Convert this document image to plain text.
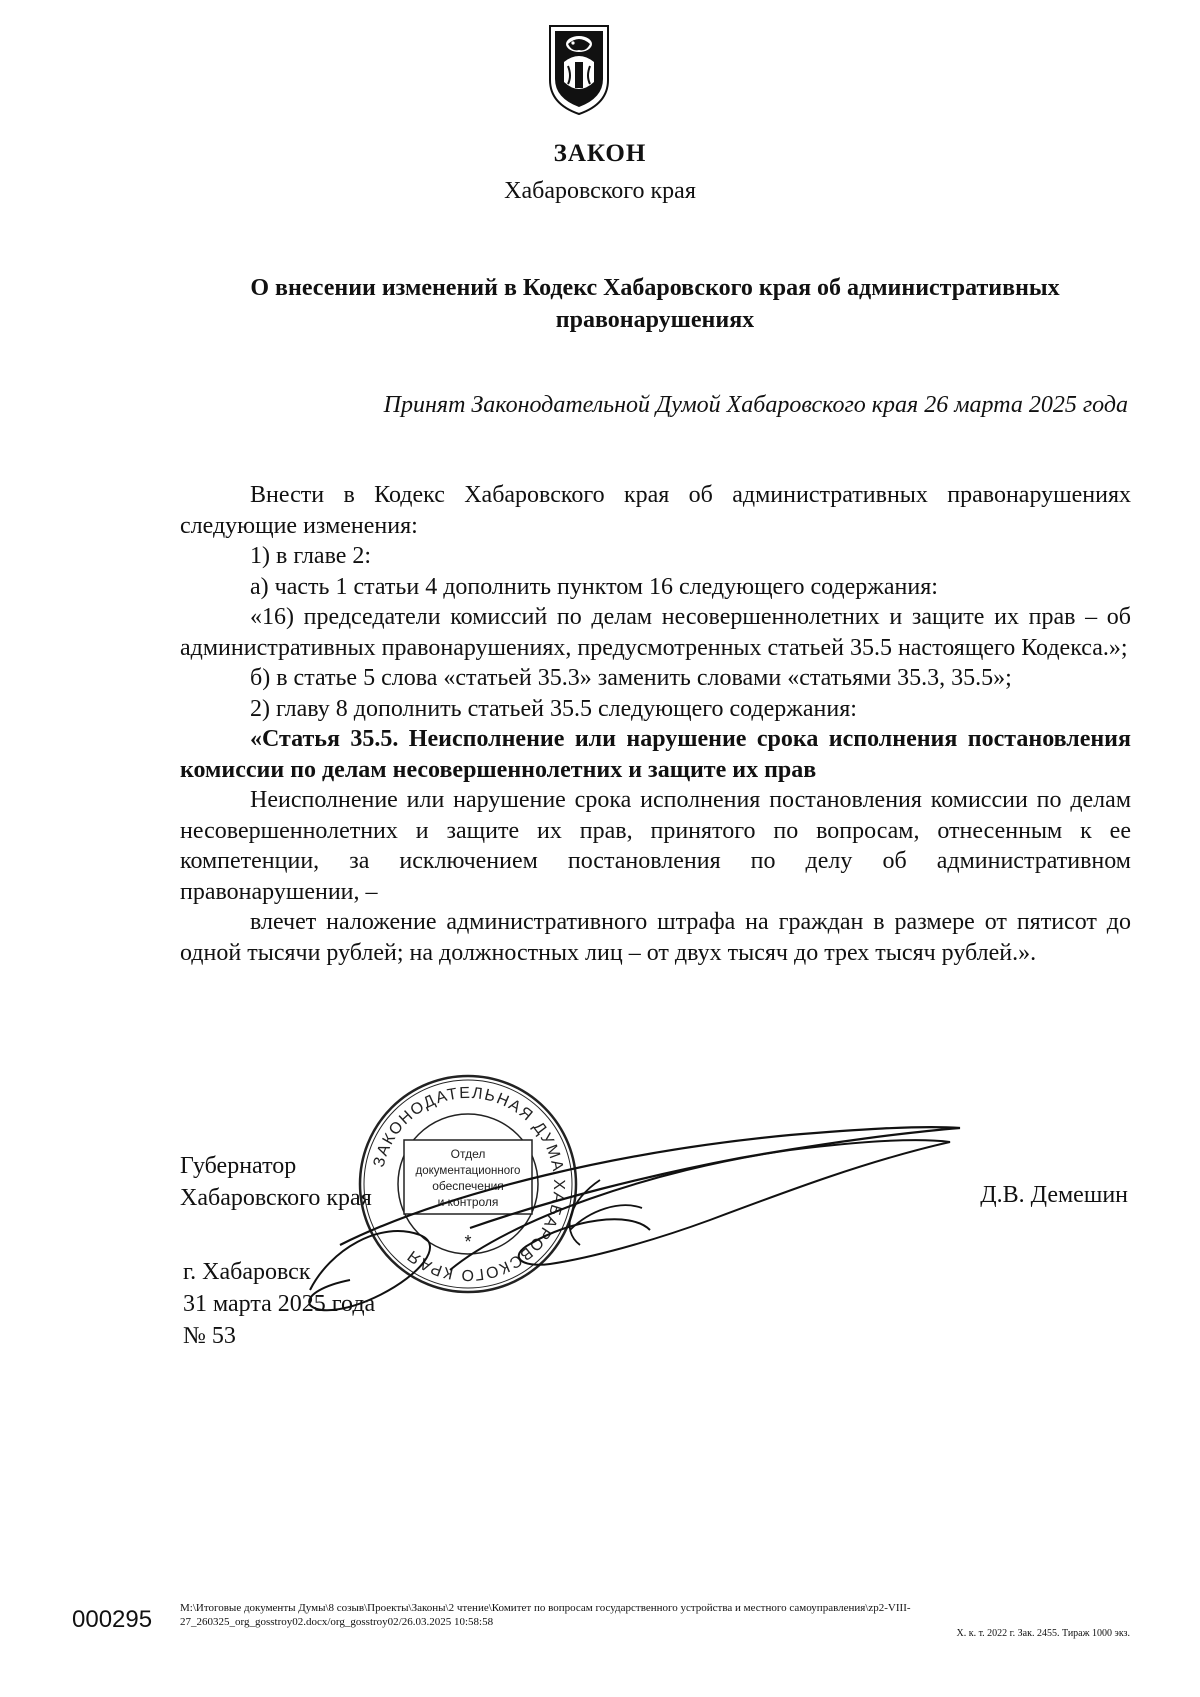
ЗАКОН
Хабаровского края
О внесении изменений в Кодекс Хабаровского края об административных
правонарушениях
Принят Законодательной Думой Хабаровского края 26 марта 2025 года

Внести в Кодекс Хабаровского края об административных правонарушениях следующие изменения:

1) в главе 2:

а) часть 1 статьи 4 дополнить пунктом 16 следующего содержания:

«16) председатели комиссий по делам несовершеннолетних и защите их прав – об административных правонарушениях, предусмотренных статьей 35.5 настоящего Кодекса.»;

б) в статье 5 слова «статьей 35.3» заменить словами «статьями 35.3, 35.5»;

2) главу 8 дополнить статьей 35.5 следующего содержания:

«Статья 35.5. Неисполнение или нарушение срока исполнения постановления комиссии по делам несовершеннолетних и защите их прав

Неисполнение или нарушение срока исполнения постановления комиссии по делам несовершеннолетних и защите их прав, принятого по вопросам, отнесенным к ее компетенции, за исключением постановления по делу об административном правонарушении, –

влечет наложение административного штрафа на граждан в размере от пятисот до одной тысячи рублей; на должностных лиц – от двух тысяч до трех тысяч рублей.».

Губернатор
Хабаровского края	Д.В. Демешин
г. Хабаровск
31 марта 2025 года
№ 53
ЗАКОНОДАТЕЛЬНАЯ ДУМА ХАБАРОВСКОГО КРАЯ
Отдел
документационного
обеспечения
и контроля
*
000295	M:\Итоговые документы Думы\8 созыв\Проекты\Законы\2 чтение\Комитет по вопросам государственного устройства и местного самоуправления\zp2-VIII-27_260325_org_gosstroy02.docx/org_gosstroy02/26.03.2025 10:58:58
Х. к. т. 2022 г. Зак. 2455. Тираж 1000 экз.
